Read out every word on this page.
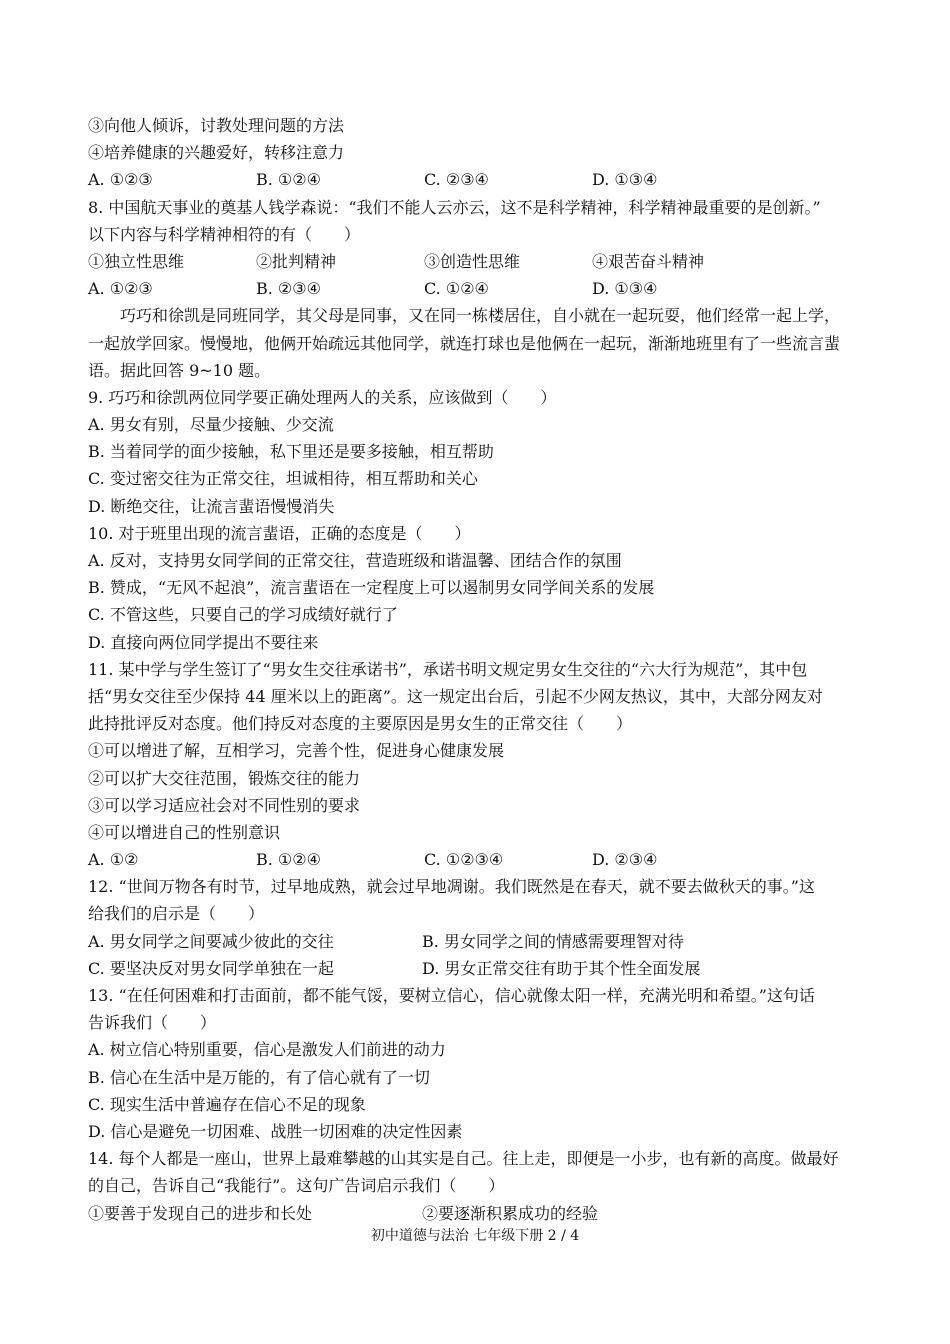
③向他人倾诉，讨教处理问题的方法
④培养健康的兴趣爱好，转移注意力
A. ①②③	B. ①②④	C. ②③④	D. ①③④
8. 中国航天事业的奠基人钱学森说：“我们不能人云亦云，这不是科学精神，科学精神最重要的是创新。”
以下内容与科学精神相符的有（　　）
①独立性思维	②批判精神	③创造性思维	④艰苦奋斗精神
A. ①②③	B. ②③④	C. ①②④	D. ①③④
巧巧和徐凯是同班同学，其父母是同事，又在同一栋楼居住，自小就在一起玩耍，他们经常一起上学，
一起放学回家。慢慢地，他俩开始疏远其他同学，就连打球也是他俩在一起玩，渐渐地班里有了一些流言蜚
语。据此回答 9~10 题。
9. 巧巧和徐凯两位同学要正确处理两人的关系，应该做到（　　）
A. 男女有别，尽量少接触、少交流
B. 当着同学的面少接触，私下里还是要多接触，相互帮助
C. 变过密交往为正常交往，坦诚相待，相互帮助和关心
D. 断绝交往，让流言蜚语慢慢消失
10. 对于班里出现的流言蜚语，正确的态度是（　　）
A. 反对，支持男女同学间的正常交往，营造班级和谐温馨、团结合作的氛围
B. 赞成，“无风不起浪”，流言蜚语在一定程度上可以遏制男女同学间关系的发展
C. 不管这些，只要自己的学习成绩好就行了
D. 直接向两位同学提出不要往来
11. 某中学与学生签订了“男女生交往承诺书”，承诺书明文规定男女生交往的“六大行为规范”，其中包
括“男女交往至少保持 44 厘米以上的距离”。这一规定出台后，引起不少网友热议，其中，大部分网友对
此持批评反对态度。他们持反对态度的主要原因是男女生的正常交往（　　）
①可以增进了解，互相学习，完善个性，促进身心健康发展
②可以扩大交往范围，锻炼交往的能力
③可以学习适应社会对不同性别的要求
④可以增进自己的性别意识
A. ①②	B. ①②④	C. ①②③④	D. ②③④
12. “世间万物各有时节，过早地成熟，就会过早地凋谢。我们既然是在春天，就不要去做秋天的事。”这
给我们的启示是（　　）
A. 男女同学之间要减少彼此的交往	B. 男女同学之间的情感需要理智对待
C. 要坚决反对男女同学单独在一起	D. 男女正常交往有助于其个性全面发展
13. “在任何困难和打击面前，都不能气馁，要树立信心，信心就像太阳一样，充满光明和希望。”这句话
告诉我们（　　）
A. 树立信心特别重要，信心是激发人们前进的动力
B. 信心在生活中是万能的，有了信心就有了一切
C. 现实生活中普遍存在信心不足的现象
D. 信心是避免一切困难、战胜一切困难的决定性因素
14. 每个人都是一座山，世界上最难攀越的山其实是自己。往上走，即便是一小步，也有新的高度。做最好
的自己，告诉自己“我能行”。这句广告词启示我们（　　）
①要善于发现自己的进步和长处	②要逐渐积累成功的经验
初中道德与法治 七年级下册 2 / 4
